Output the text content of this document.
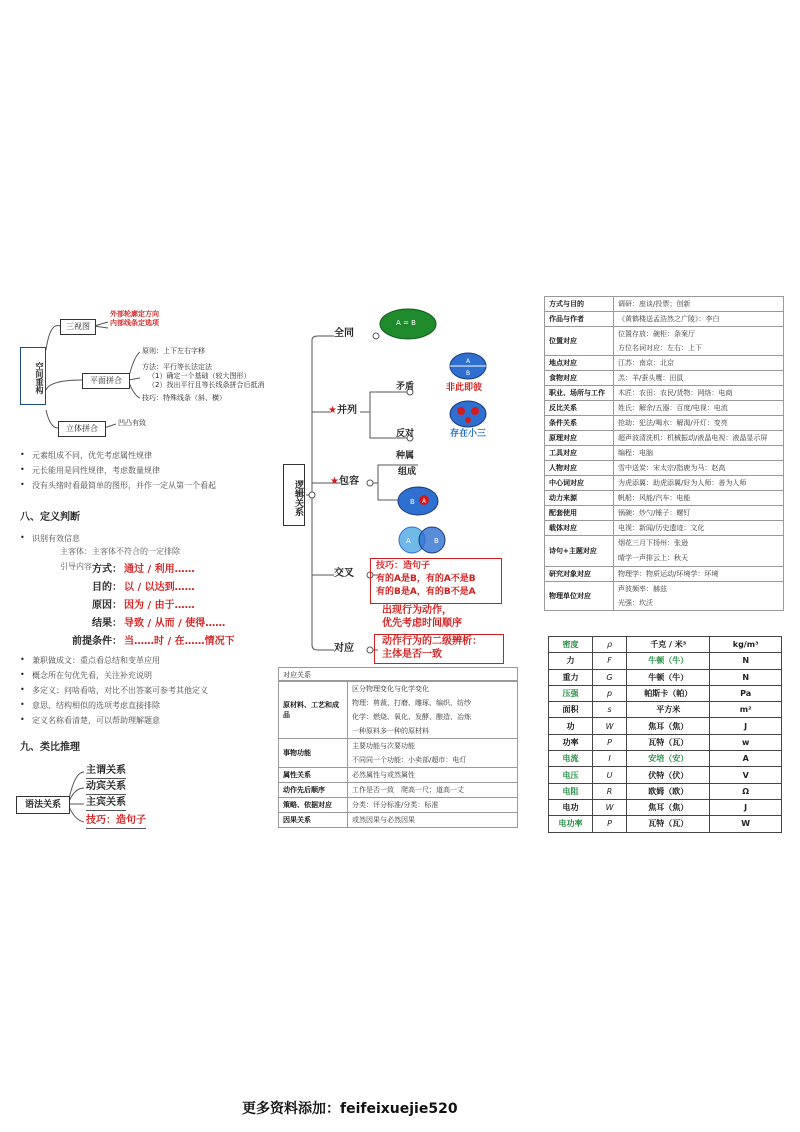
空间重构
三视图
平面拼合
立体拼合
外部轮廓定方向
内部线条定选项
原则：上下左右字移
方法：平行等长法定法
（1）确定一个基础（较大图形）
（2）找出平行且等长线条拼合后抵消
技巧：特殊线条（斜、横）
凹凸有致
• 元素组成不同，优先考虑属性规律
• 元长能用是同性规律，考虑数量规律
• 没有头绪时看最简单的图形，并作一定从第一个看起
八、定义判断
• 识别有效信息
主客体：主客体不符合的一定排除
引导内容：
方式： 通过 / 利用……
目的： 以 / 以达到……
原因： 因为 / 由于……
结果： 导致 / 从而 / 使得……
前提条件： 当……时 / 在……情况下
• 兼职做成文：重点看总结和变革应用
• 概念所在句优先看，关注补充说明
• 多定义：问啥看啥，对比不出答案可参考其他定义
• 意思、结构相似的选项考虑直接排除
• 定义名称看清楚，可以帮助理解题意
九、类比推理
语法关系
主谓关系
动宾关系
主宾关系
技巧：造句子
逻辑关系
全同
★并列
★包容
交叉
对应
A = B
矛盾
反对
A
B
非此即彼
存在小三
种属
组成
B A
A	B
技巧：造句子
有的A是B，有的A不是B
有的B是A，有的B不是A
出现行为动作，
优先考虑时间顺序
动作行为的二级辨析：
主体是否一致
对应关系
原材料、工艺和成品	区分物理变化与化学变化
物理：剪裁、打磨、雕琢、编织、纺纱
化学：燃烧、氧化、发酵、酿造、冶炼
一种原料多一种的原材料
事物功能	主要功能与次要功能
不同同一个功能：小卖部/超市：电灯
属性关系	必然属性与或然属性
动作先后顺序	工作是否一致　爬高一尺；道高一丈
策略、依据对应	分类：评分标准/分类：标准
因果关系	或然因果与必然因果
方式与目的	调研：座谈/投票；创新
作品与作者	《黄鹤楼送孟浩然之广陵》：李白
位置对应	位置存放：碗柜：条案厅
方位名词对应：左右：上下
地点对应	江苏：南京：北京
食物对应	羔：羊/蚕头鹰：田鼠
职业、场所与工作	木匠：农田：农民/货物：网络：电商
反比关系	姓氏：解余/五器：百度/电视：电流
条件关系	抢劫：犯法/喝水：解渴/开灯：变亮
原理对应	超声波清洗机：机械振动/液晶电视：液晶显示屏
工具对应	编程：电脑
人物对应	雪中送炭：宋太宗/指鹿为马：赵高
中心词对应	为虎添翼：助虎添翼/好为人师：善为人师
动力来源	帆船：风能/汽车：电能
配套使用	锅碗：炒勺/锤子：螺钉
载体对应	电视：新闻/历史遗迹：文化
诗句+主题对应	烟花三月下扬州：张逊
晴学一声排云上：秋天
研究对象对应	物理学：物质运动/环境学：环境
物理单位对应	声波频率：赫兹
光强：坎沃
密度	ρ	千克 / 米³	kg/m³
力	F	牛顿（牛）	N
重力	G	牛顿（牛）	N
压强	p	帕斯卡（帕）	Pa
面积	s	平方米	m²
功	W	焦耳（焦）	J
功率	P	瓦特（瓦）	w
电流	I	安培（安）	A
电压	U	伏特（伏）	V
电阻	R	欧姆（欧）	Ω
电功	W	焦耳（焦）	J
电功率	P	瓦特（瓦）	W
更多资料添加：feifeixuejie520
